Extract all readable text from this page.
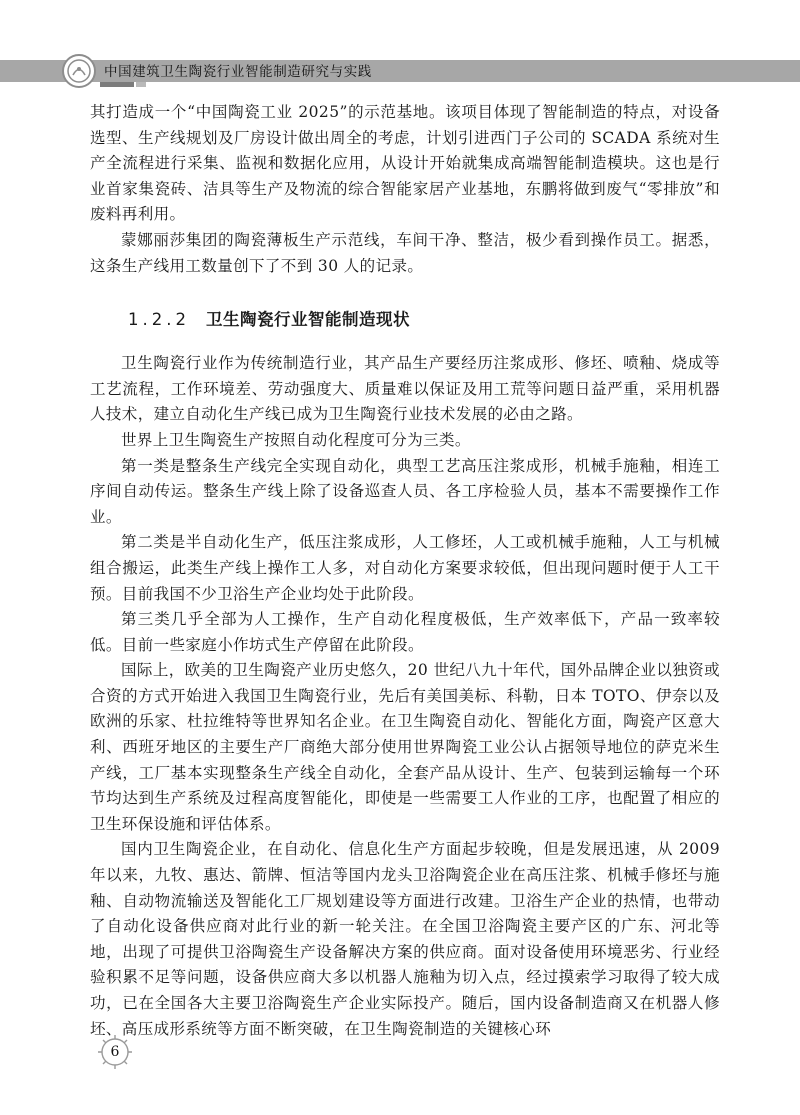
中国建筑卫生陶瓷行业智能制造研究与实践

其打造成一个“中国陶瓷工业 2025”的示范基地。该项目体现了智能制造的特点，对设备选型、生产线规划及厂房设计做出周全的考虑，计划引进西门子公司的 SCADA 系统对生产全流程进行采集、监视和数据化应用，从设计开始就集成高端智能制造模块。这也是行业首家集瓷砖、洁具等生产及物流的综合智能家居产业基地，东鹏将做到废气“零排放”和废料再利用。

蒙娜丽莎集团的陶瓷薄板生产示范线，车间干净、整洁，极少看到操作员工。据悉，这条生产线用工数量创下了不到 30 人的记录。

1.2.2 卫生陶瓷行业智能制造现状

卫生陶瓷行业作为传统制造行业，其产品生产要经历注浆成形、修坯、喷釉、烧成等工艺流程，工作环境差、劳动强度大、质量难以保证及用工荒等问题日益严重，采用机器人技术，建立自动化生产线已成为卫生陶瓷行业技术发展的必由之路。

世界上卫生陶瓷生产按照自动化程度可分为三类。

第一类是整条生产线完全实现自动化，典型工艺高压注浆成形，机械手施釉，相连工序间自动传运。整条生产线上除了设备巡查人员、各工序检验人员，基本不需要操作工作业。

第二类是半自动化生产，低压注浆成形，人工修坯，人工或机械手施釉，人工与机械组合搬运，此类生产线上操作工人多，对自动化方案要求较低，但出现问题时便于人工干预。目前我国不少卫浴生产企业均处于此阶段。

第三类几乎全部为人工操作，生产自动化程度极低，生产效率低下，产品一致率较低。目前一些家庭小作坊式生产停留在此阶段。

国际上，欧美的卫生陶瓷产业历史悠久，20 世纪八九十年代，国外品牌企业以独资或合资的方式开始进入我国卫生陶瓷行业，先后有美国美标、科勒，日本 TOTO、伊奈以及欧洲的乐家、杜拉维特等世界知名企业。在卫生陶瓷自动化、智能化方面，陶瓷产区意大利、西班牙地区的主要生产厂商绝大部分使用世界陶瓷工业公认占据领导地位的萨克米生产线，工厂基本实现整条生产线全自动化，全套产品从设计、生产、包装到运输每一个环节均达到生产系统及过程高度智能化，即使是一些需要工人作业的工序，也配置了相应的卫生环保设施和评估体系。

国内卫生陶瓷企业，在自动化、信息化生产方面起步较晚，但是发展迅速，从 2009 年以来，九牧、惠达、箭牌、恒洁等国内龙头卫浴陶瓷企业在高压注浆、机械手修坯与施釉、自动物流输送及智能化工厂规划建设等方面进行改建。卫浴生产企业的热情，也带动了自动化设备供应商对此行业的新一轮关注。在全国卫浴陶瓷主要产区的广东、河北等地，出现了可提供卫浴陶瓷生产设备解决方案的供应商。面对设备使用环境恶劣、行业经验积累不足等问题，设备供应商大多以机器人施釉为切入点，经过摸索学习取得了较大成功，已在全国各大主要卫浴陶瓷生产企业实际投产。随后，国内设备制造商又在机器人修坯、高压成形系统等方面不断突破，在卫生陶瓷制造的关键核心环

6
